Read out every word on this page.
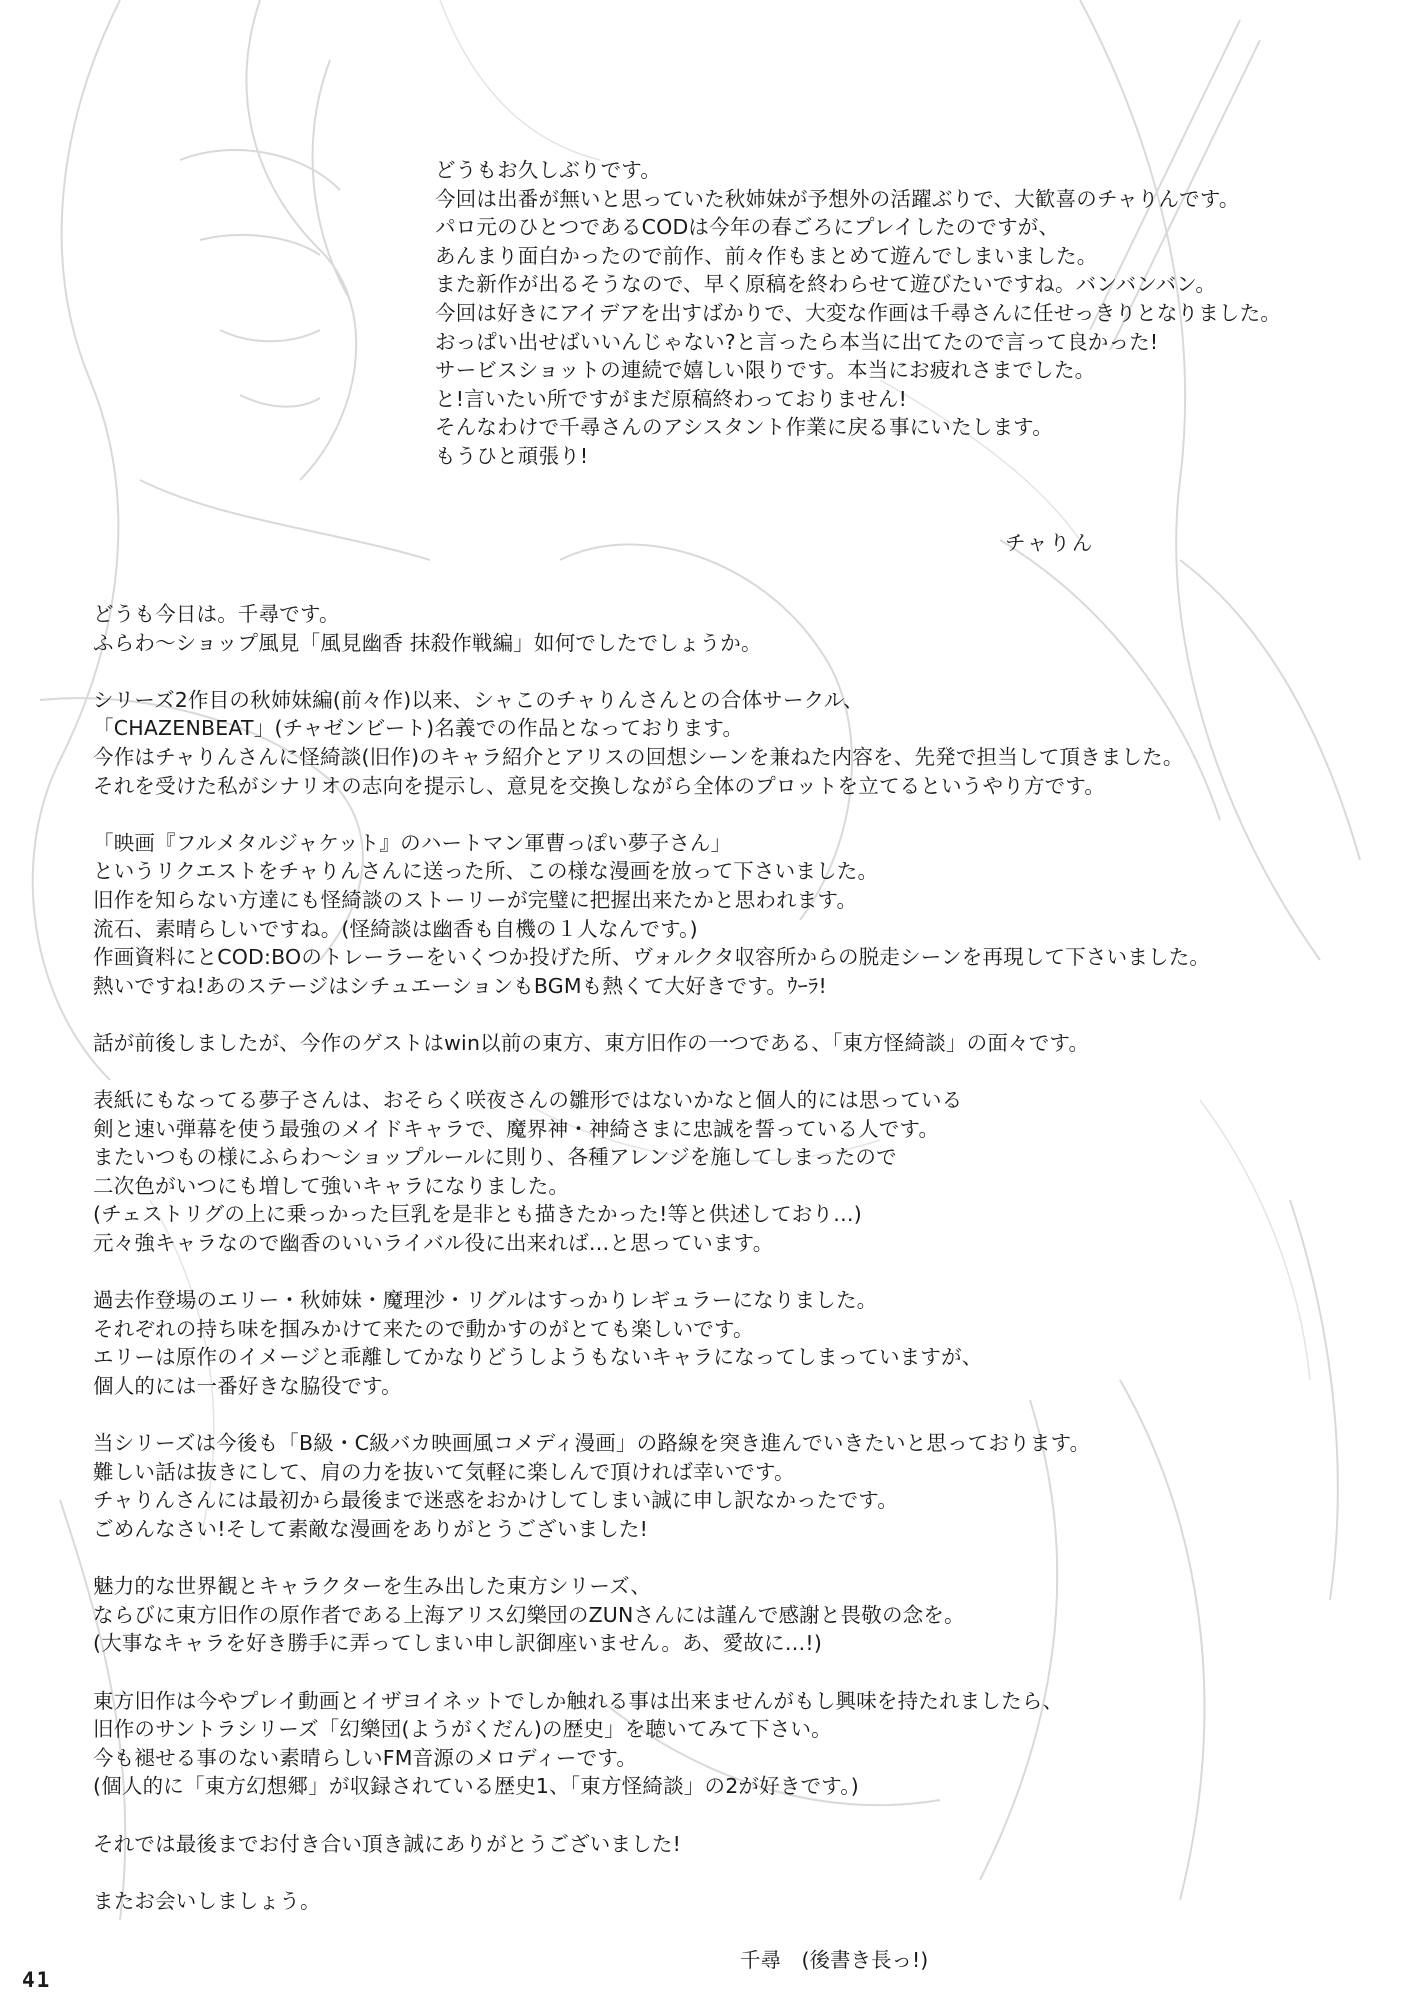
どうもお久しぶりです。
今回は出番が無いと思っていた秋姉妹が予想外の活躍ぶりで、大歓喜のチャりんです。
パロ元のひとつであるCODは今年の春ごろにプレイしたのですが、
あんまり面白かったので前作、前々作もまとめて遊んでしまいました。
また新作が出るそうなので、早く原稿を終わらせて遊びたいですね。バンバンバン。
今回は好きにアイデアを出すばかりで、大変な作画は千尋さんに任せっきりとなりました。
おっぱい出せばいいんじゃない?と言ったら本当に出てたので言って良かった!
サービスショットの連続で嬉しい限りです。本当にお疲れさまでした。
と!言いたい所ですがまだ原稿終わっておりません!
そんなわけで千尋さんのアシスタント作業に戻る事にいたします。
もうひと頑張り!
チャりん
どうも今日は。千尋です。
ふらわ～ショップ風見「風見幽香 抹殺作戦編」如何でしたでしょうか。
シリーズ2作目の秋姉妹編(前々作)以来、シャこのチャりんさんとの合体サークル、
「CHAZENBEAT」(チャゼンビート)名義での作品となっております。
今作はチャりんさんに怪綺談(旧作)のキャラ紹介とアリスの回想シーンを兼ねた内容を、先発で担当して頂きました。
それを受けた私がシナリオの志向を提示し、意見を交換しながら全体のプロットを立てるというやり方です。
「映画『フルメタルジャケット』のハートマン軍曹っぽい夢子さん」
というリクエストをチャりんさんに送った所、この様な漫画を放って下さいました。
旧作を知らない方達にも怪綺談のストーリーが完璧に把握出来たかと思われます。
流石、素晴らしいですね。(怪綺談は幽香も自機の１人なんです。)
作画資料にとCOD:BOのトレーラーをいくつか投げた所、ヴォルクタ収容所からの脱走シーンを再現して下さいました。
熱いですね!あのステージはシチュエーションもBGMも熱くて大好きです。ｳｰﾗ!
話が前後しましたが、今作のゲストはwin以前の東方、東方旧作の一つである、「東方怪綺談」の面々です。
表紙にもなってる夢子さんは、おそらく咲夜さんの雛形ではないかなと個人的には思っている
剣と速い弾幕を使う最強のメイドキャラで、魔界神・神綺さまに忠誠を誓っている人です。
またいつもの様にふらわ～ショップルールに則り、各種アレンジを施してしまったので
二次色がいつにも増して強いキャラになりました。
(チェストリグの上に乗っかった巨乳を是非とも描きたかった!等と供述しており…)
元々強キャラなので幽香のいいライバル役に出来れば…と思っています。
過去作登場のエリー・秋姉妹・魔理沙・リグルはすっかりレギュラーになりました。
それぞれの持ち味を掴みかけて来たので動かすのがとても楽しいです。
エリーは原作のイメージと乖離してかなりどうしようもないキャラになってしまっていますが、
個人的には一番好きな脇役です。
当シリーズは今後も「B級・C級バカ映画風コメディ漫画」の路線を突き進んでいきたいと思っております。
難しい話は抜きにして、肩の力を抜いて気軽に楽しんで頂ければ幸いです。
チャりんさんには最初から最後まで迷惑をおかけしてしまい誠に申し訳なかったです。
ごめんなさい!そして素敵な漫画をありがとうございました!
魅力的な世界観とキャラクターを生み出した東方シリーズ、
ならびに東方旧作の原作者である上海アリス幻樂団のZUNさんには謹んで感謝と畏敬の念を。
(大事なキャラを好き勝手に弄ってしまい申し訳御座いません。あ、愛故に…!)
東方旧作は今やプレイ動画とイザヨイネットでしか触れる事は出来ませんがもし興味を持たれましたら、
旧作のサントラシリーズ「幻樂団(ようがくだん)の歴史」を聴いてみて下さい。
今も褪せる事のない素晴らしいFM音源のメロディーです。
(個人的に「東方幻想郷」が収録されている歴史1、「東方怪綺談」の2が好きです。)
それでは最後までお付き合い頂き誠にありがとうございました!
またお会いしましょう。
千尋　(後書き長っ!)
41
